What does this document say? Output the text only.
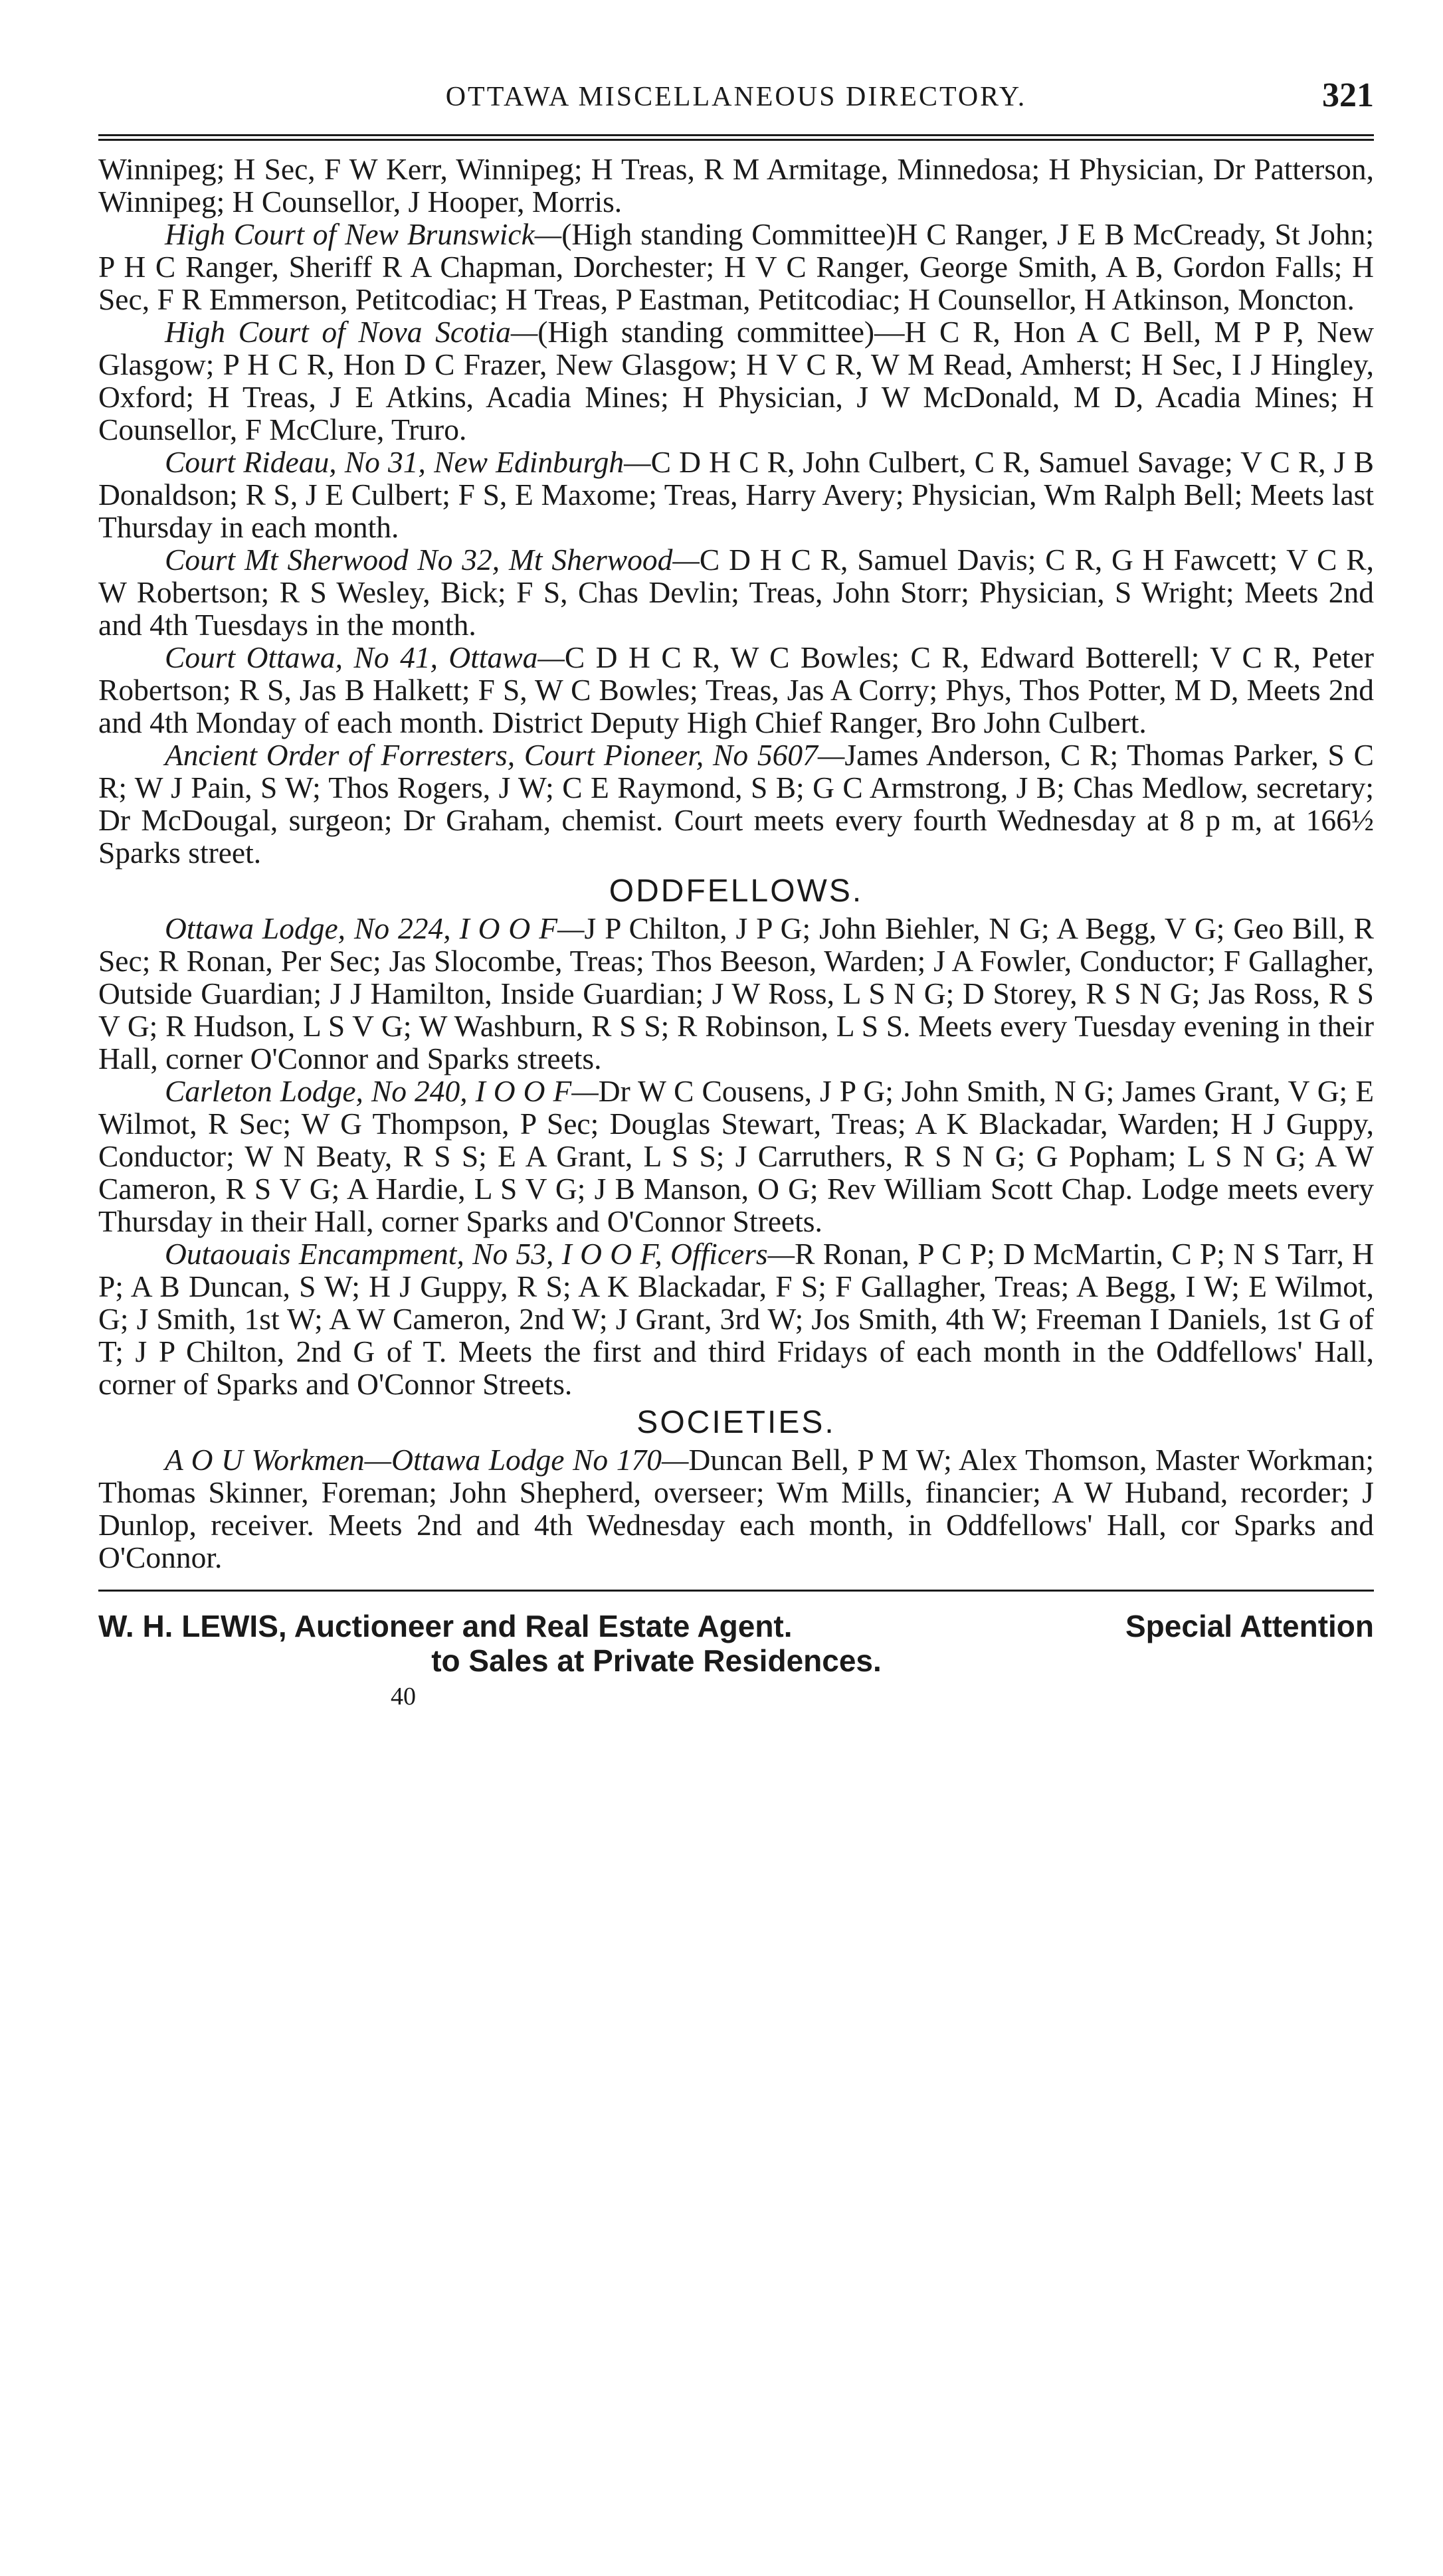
OTTAWA MISCELLANEOUS DIRECTORY.	321

Winnipeg; H Sec, F W Kerr, Winnipeg; H Treas, R M Armitage, Minnedosa; H Physician, Dr Patterson, Winnipeg; H Counsellor, J Hooper, Morris.

High Court of New Brunswick—(High standing Committee)H C Ranger, J E B McCready, St John; P H C Ranger, Sheriff R A Chapman, Dorchester; H V C Ranger, George Smith, A B, Gordon Falls; H Sec, F R Emmerson, Petitcodiac; H Treas, P Eastman, Petitcodiac; H Counsellor, H Atkinson, Moncton.

High Court of Nova Scotia—(High standing committee)—H C R, Hon A C Bell, M P P, New Glasgow; P H C R, Hon D C Frazer, New Glasgow; H V C R, W M Read, Amherst; H Sec, I J Hingley, Oxford; H Treas, J E Atkins, Acadia Mines; H Physician, J W McDonald, M D, Acadia Mines; H Counsellor, F McClure, Truro.

Court Rideau, No 31, New Edinburgh—C D H C R, John Culbert, C R, Samuel Savage; V C R, J B Donaldson; R S, J E Culbert; F S, E Maxome; Treas, Harry Avery; Physician, Wm Ralph Bell; Meets last Thursday in each month.

Court Mt Sherwood No 32, Mt Sherwood—C D H C R, Samuel Davis; C R, G H Fawcett; V C R, W Robertson; R S Wesley, Bick; F S, Chas Devlin; Treas, John Storr; Physician, S Wright; Meets 2nd and 4th Tuesdays in the month.

Court Ottawa, No 41, Ottawa—C D H C R, W C Bowles; C R, Edward Botterell; V C R, Peter Robertson; R S, Jas B Halkett; F S, W C Bowles; Treas, Jas A Corry; Phys, Thos Potter, M D, Meets 2nd and 4th Monday of each month. District Deputy High Chief Ranger, Bro John Culbert.

Ancient Order of Forresters, Court Pioneer, No 5607—James Anderson, C R; Thomas Parker, S C R; W J Pain, S W; Thos Rogers, J W; C E Raymond, S B; G C Armstrong, J B; Chas Medlow, secretary; Dr McDougal, surgeon; Dr Graham, chemist. Court meets every fourth Wednesday at 8 p m, at 166½ Sparks street.

ODDFELLOWS.

Ottawa Lodge, No 224, I O O F—J P Chilton, J P G; John Biehler, N G; A Begg, V G; Geo Bill, R Sec; R Ronan, Per Sec; Jas Slocombe, Treas; Thos Beeson, Warden; J A Fowler, Conductor; F Gallagher, Outside Guardian; J J Hamilton, Inside Guardian; J W Ross, L S N G; D Storey, R S N G; Jas Ross, R S V G; R Hudson, L S V G; W Washburn, R S S; R Robinson, L S S. Meets every Tuesday evening in their Hall, corner O'Connor and Sparks streets.

Carleton Lodge, No 240, I O O F—Dr W C Cousens, J P G; John Smith, N G; James Grant, V G; E Wilmot, R Sec; W G Thompson, P Sec; Douglas Stewart, Treas; A K Blackadar, Warden; H J Guppy, Conductor; W N Beaty, R S S; E A Grant, L S S; J Carruthers, R S N G; G Popham; L S N G; A W Cameron, R S V G; A Hardie, L S V G; J B Manson, O G; Rev William Scott Chap. Lodge meets every Thursday in their Hall, corner Sparks and O'Connor Streets.

Outaouais Encampment, No 53, I O O F, Officers—R Ronan, P C P; D McMartin, C P; N S Tarr, H P; A B Duncan, S W; H J Guppy, R S; A K Blackadar, F S; F Gallagher, Treas; A Begg, I W; E Wilmot, G; J Smith, 1st W; A W Cameron, 2nd W; J Grant, 3rd W; Jos Smith, 4th W; Freeman I Daniels, 1st G of T; J P Chilton, 2nd G of T. Meets the first and third Fridays of each month in the Oddfellows' Hall, corner of Sparks and O'Connor Streets.

SOCIETIES.

A O U Workmen—Ottawa Lodge No 170—Duncan Bell, P M W; Alex Thomson, Master Workman; Thomas Skinner, Foreman; John Shepherd, overseer; Wm Mills, financier; A W Huband, recorder; J Dunlop, receiver. Meets 2nd and 4th Wednesday each month, in Oddfellows' Hall, cor Sparks and O'Connor.

W. H. LEWIS, Auctioneer and Real Estate Agent.	Special Attention
to Sales at Private Residences.
40
